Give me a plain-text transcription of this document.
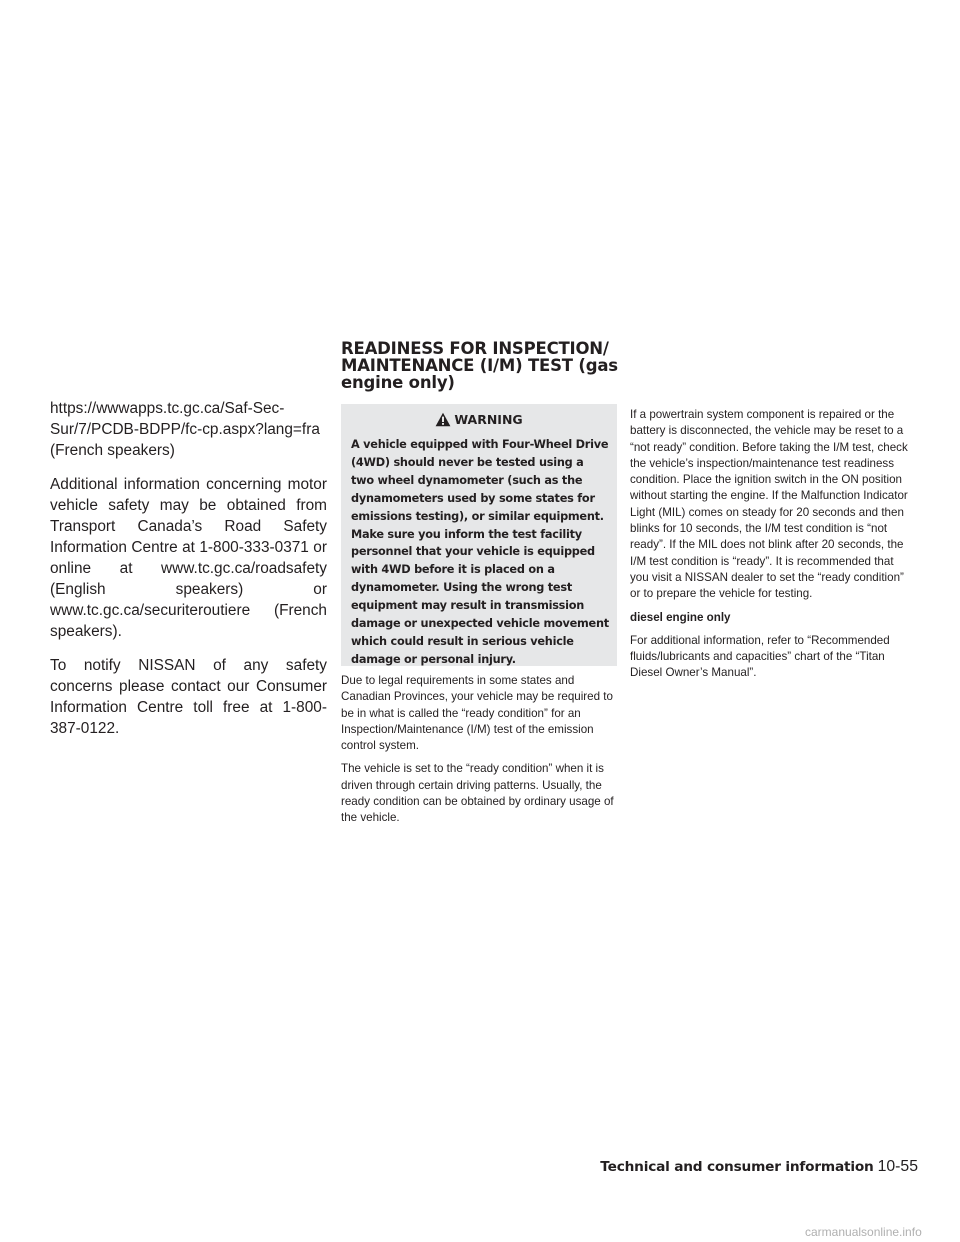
https://wwwapps.tc.gc.ca/Saf-Sec-Sur/7/PCDB-BDPP/fc-cp.aspx?lang=fra (French speakers)

Additional information concerning motor vehicle safety may be obtained from Transport Canada’s Road Safety Information Centre at 1-800-333-0371 or online at www.tc.gc.ca/roadsafety (English speakers) or www.tc.gc.ca/securiteroutiere (French speakers).

To notify NISSAN of any safety concerns please contact our Consumer Information Centre toll free at 1-800-387-0122.

READINESS FOR INSPECTION/
MAINTENANCE (I/M) TEST (gas
engine only)
WARNING

A vehicle equipped with Four-Wheel Drive (4WD) should never be tested using a two wheel dynamometer (such as the dynamometers used by some states for emissions testing), or similar equipment. Make sure you inform the test facility personnel that your vehicle is equipped with 4WD before it is placed on a dynamometer. Using the wrong test equipment may result in transmission damage or unexpected vehicle movement which could result in serious vehicle damage or personal injury.

Due to legal requirements in some states and Canadian Provinces, your vehicle may be required to be in what is called the “ready condition” for an Inspection/Maintenance (I/M) test of the emission control system.

The vehicle is set to the “ready condition” when it is driven through certain driving patterns. Usually, the ready condition can be obtained by ordinary usage of the vehicle.

If a powertrain system component is repaired or the battery is disconnected, the vehicle may be reset to a “not ready” condition. Before taking the I/M test, check the vehicle’s inspection/maintenance test readiness condition. Place the ignition switch in the ON position without starting the engine. If the Malfunction Indicator Light (MIL) comes on steady for 20 seconds and then blinks for 10 seconds, the I/M test condition is “not ready”. If the MIL does not blink after 20 seconds, the I/M test condition is “ready”. It is recommended that you visit a NISSAN dealer to set the “ready condition” or to prepare the vehicle for testing.

diesel engine only

For additional information, refer to “Recommended fluids/lubricants and capacities” chart of the “Titan Diesel Owner’s Manual”.

Technical and consumer information 10-55
carmanualsonline.info
